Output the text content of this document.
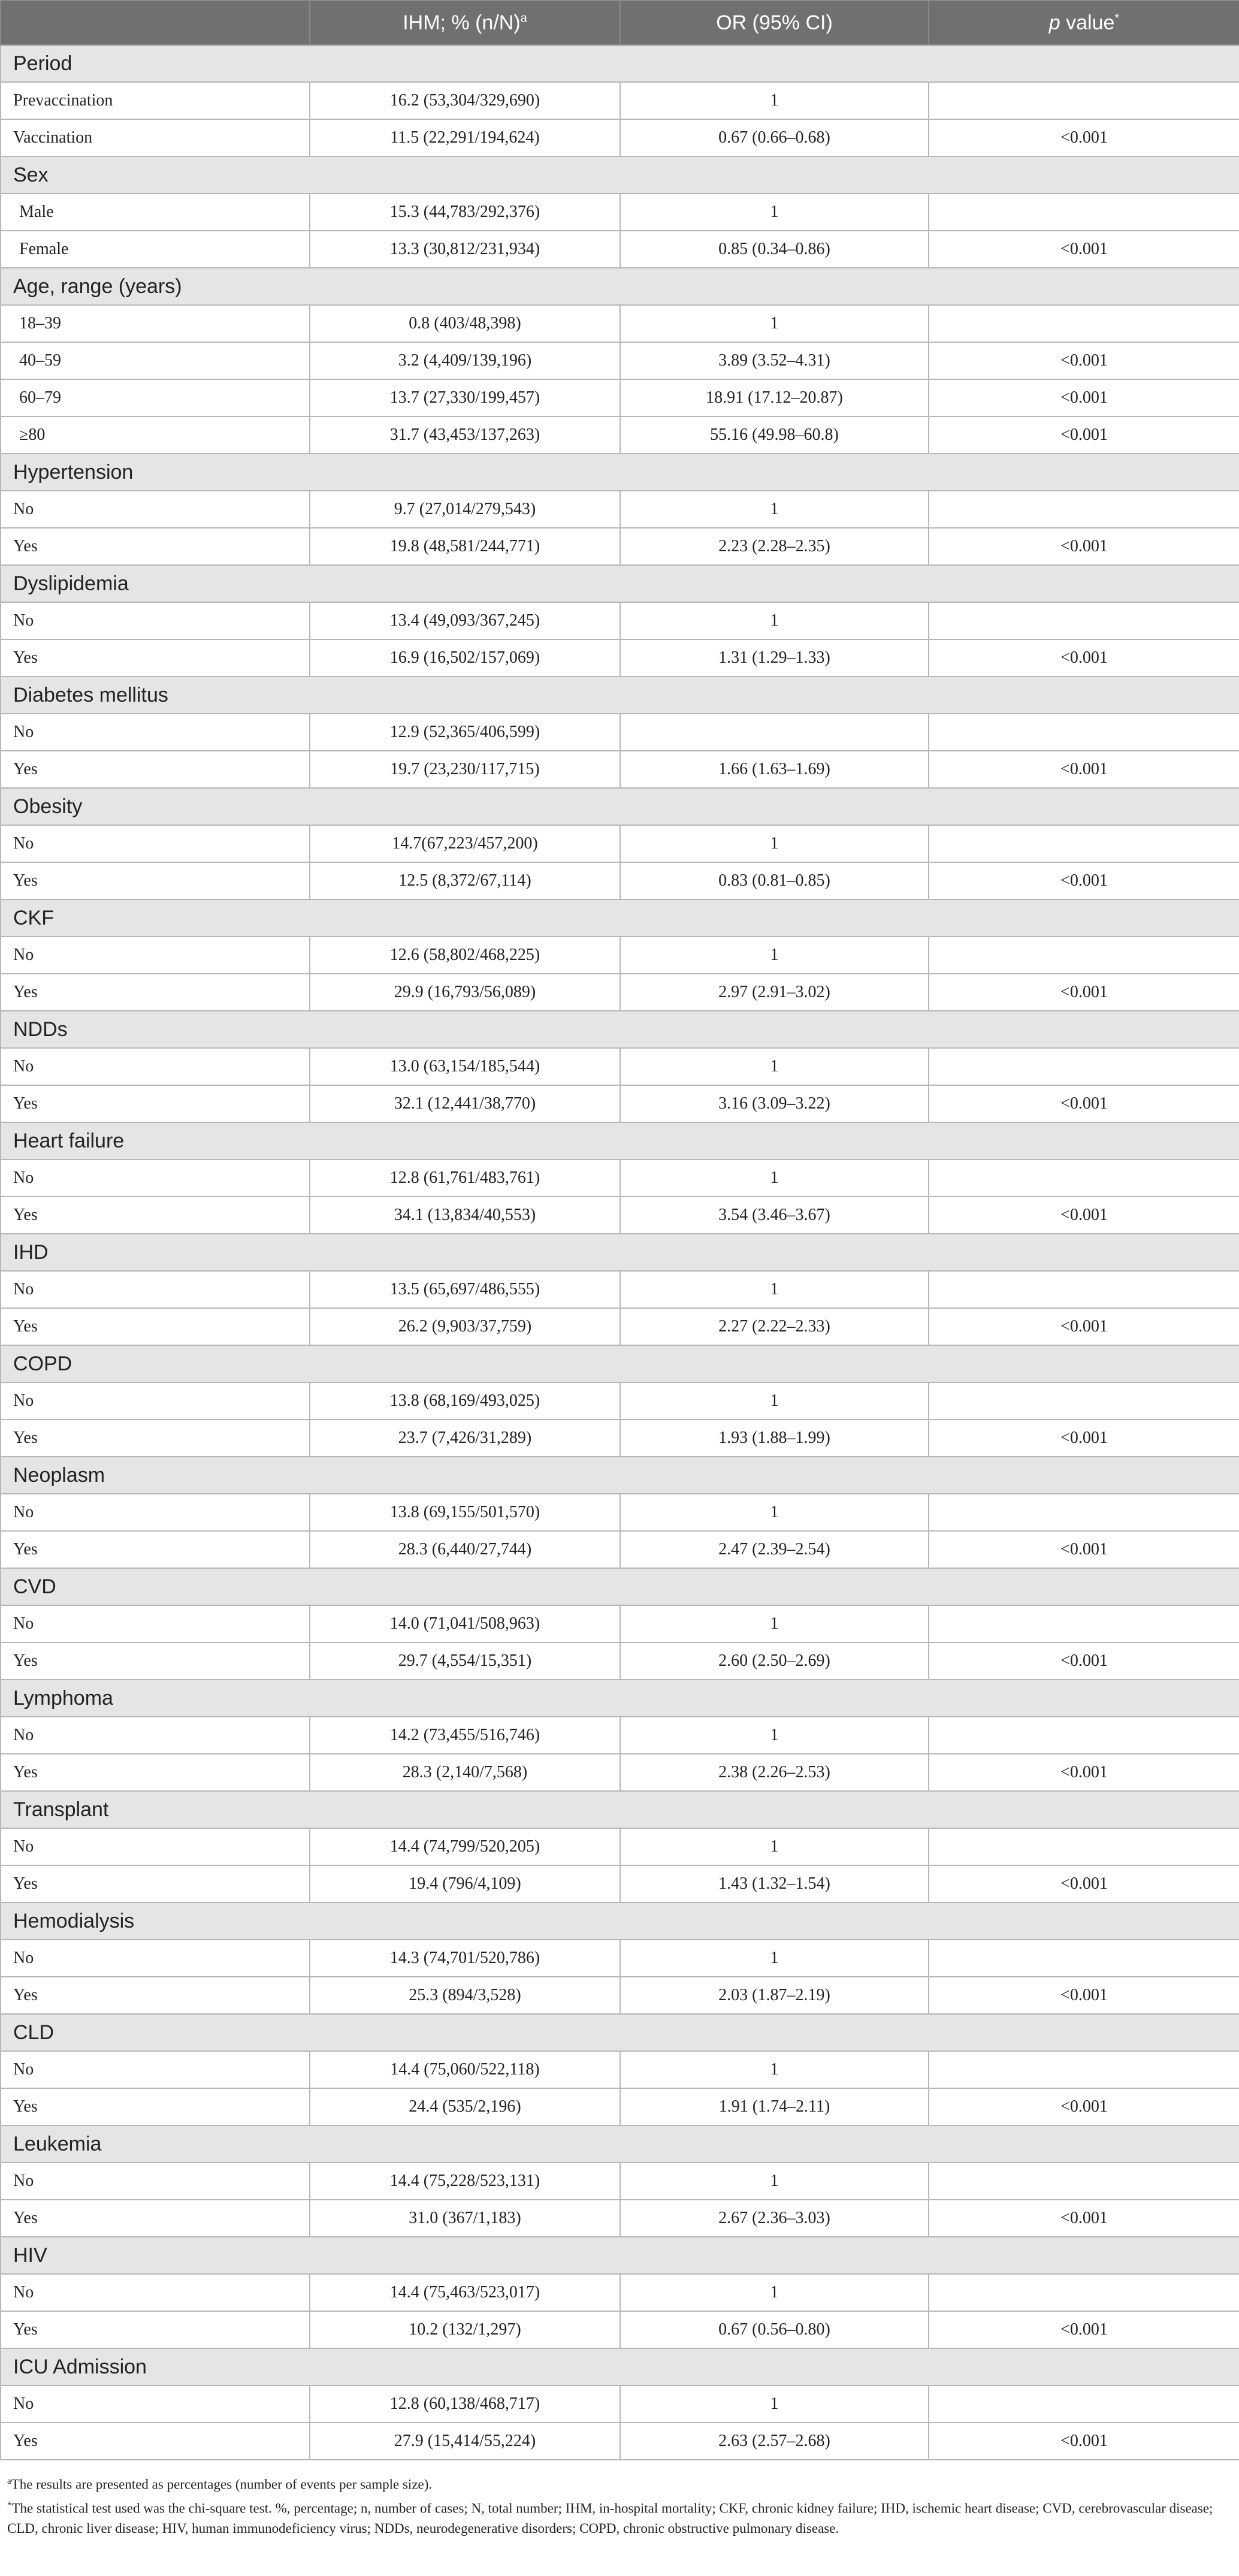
	IHM; % $(n/N)^a$	OR (95% CI)	p value*
Period			
Prevaccination	16.2 (53,304/329,690)	1	
Vaccination	11.5 (22,291/194,624)	0.67 (0.66–0.68)	<0.001
Sex			
Male	15.3 (44,783/292,376)	1	
Female	13.3 (30,812/231,934)	0.85 (0.34–0.86)	<0.001
Age, range (years)			
18–39	0.8 (403/48,398)	1	
40–59	3.2 (4,409/139,196)	3.89 (3.52–4.31)	<0.001
60–79	13.7 (27,330/199,457)	18.91 (17.12–20.87)	<0.001
≥80	31.7 (43,453/137,263)	55.16 (49.98–60.8)	<0.001
Hypertension			
No	9.7 (27,014/279,543)	1	
Yes	19.8 (48,581/244,771)	2.23 (2.28–2.35)	<0.001
Dyslipidemia			
No	13.4 (49,093/367,245)	1	
Yes	16.9 (16,502/157,069)	1.31 (1.29–1.33)	<0.001
Diabetes mellitus			
No	12.9 (52,365/406,599)		
Yes	19.7 (23,230/117,715)	1.66 (1.63–1.69)	<0.001
Obesity			
No	14.7(67,223/457,200)	1	
Yes	12.5 (8,372/67,114)	0.83 (0.81–0.85)	<0.001
CKF			
No	12.6 (58,802/468,225)	1	
Yes	29.9 (16,793/56,089)	2.97 (2.91–3.02)	<0.001
NDDs			
No	13.0 (63,154/185,544)	1	
Yes	32.1 (12,441/38,770)	3.16 (3.09–3.22)	<0.001
Heart failure			
No	12.8 (61,761/483,761)	1	
Yes	34.1 (13,834/40,553)	3.54 (3.46–3.67)	<0.001
IHD			
No	13.5 (65,697/486,555)	1	
Yes	26.2 (9,903/37,759)	2.27 (2.22–2.33)	<0.001
COPD			
No	13.8 (68,169/493,025)	1	
Yes	23.7 (7,426/31,289)	1.93 (1.88–1.99)	<0.001
Neoplasm			
No	13.8 (69,155/501,570)	1	
Yes	28.3 (6,440/27,744)	2.47 (2.39–2.54)	<0.001
CVD			
No	14.0 (71,041/508,963)	1	
Yes	29.7 (4,554/15,351)	2.60 (2.50–2.69)	<0.001
Lymphoma			
No	14.2 (73,455/516,746)	1	
Yes	28.3 (2,140/7,568)	2.38 (2.26–2.53)	<0.001
Transplant			
No	14.4 (74,799/520,205)	1	
Yes	19.4 (796/4,109)	1.43 (1.32–1.54)	<0.001
Hemodialysis			
No	14.3 (74,701/520,786)	1	
Yes	25.3 (894/3,528)	2.03 (1.87–2.19)	<0.001
CLD			
No	14.4 (75,060/522,118)	1	
Yes	24.4 (535/2,196)	1.91 (1.74–2.11)	<0.001
Leukemia			
No	14.4 (75,228/523,131)	1	
Yes	31.0 (367/1,183)	2.67 (2.36–3.03)	<0.001
HIV			
No	14.4 (75,463/523,017)	1	
Yes	10.2 (132/1,297)	0.67 (0.56–0.80)	<0.001
ICU Admission			
No	12.8 (60,138/468,717)	1	
Yes	27.9 (15,414/55,224)	2.63 (2.57–2.68)	<0.001
$^a$The results are presented as percentages (number of events per sample size).
*The statistical test used was the chi-square test. %, percentage; n, number of cases; N, total number; IHM, in-hospital mortality; CKF, chronic kidney failure; IHD, ischemic heart disease; CVD, cerebrovascular disease; CLD, chronic liver disease; HIV, human immunodeficiency virus; NDDs, neurodegenerative disorders; COPD, chronic obstructive pulmonary disease.
